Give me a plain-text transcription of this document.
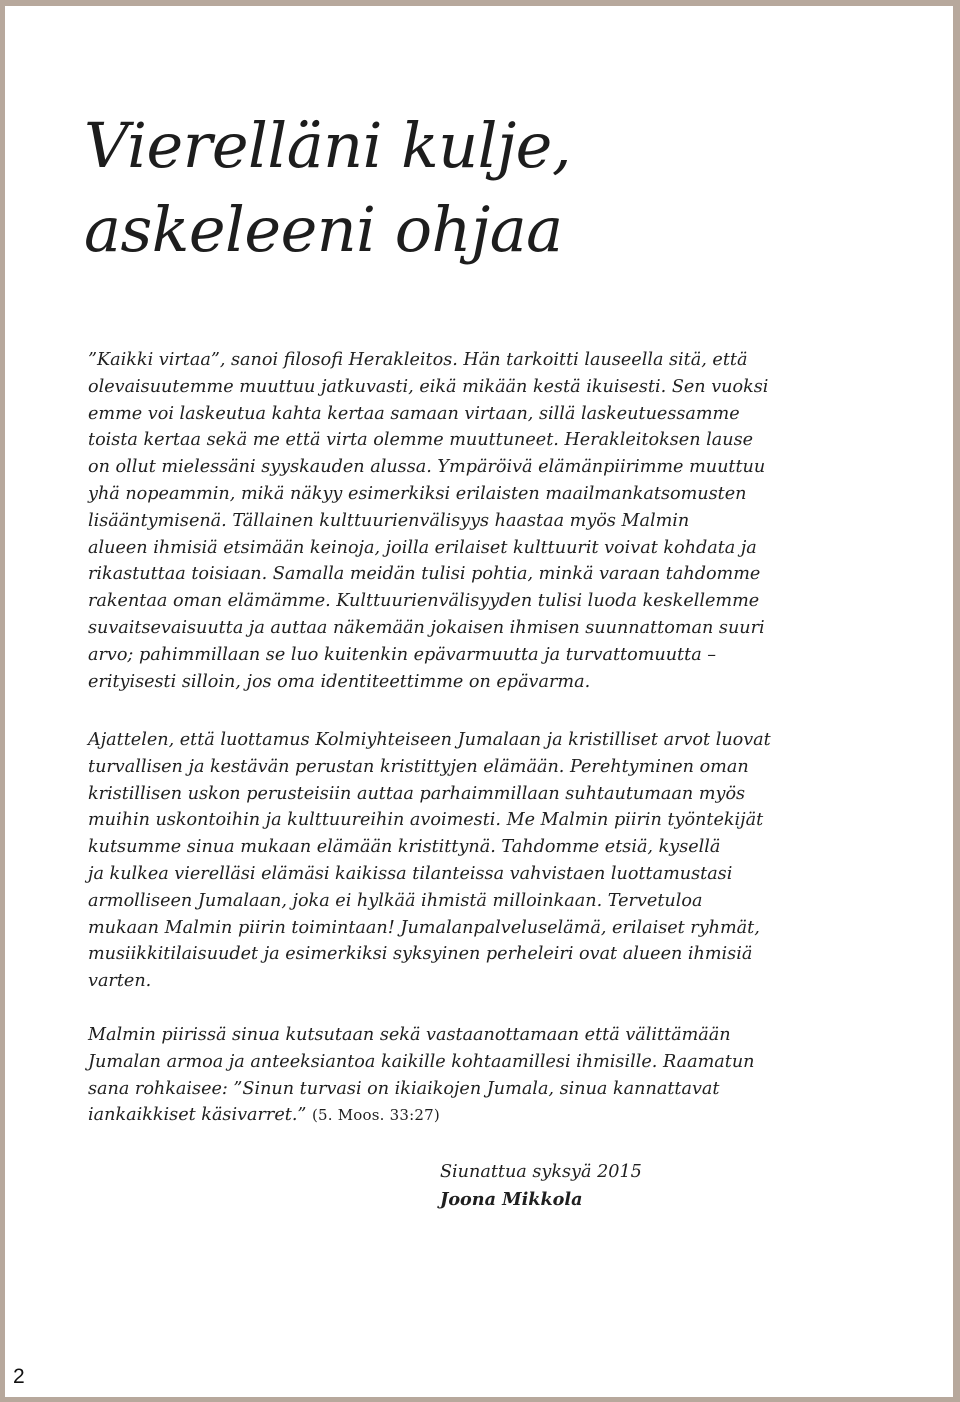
Vierelläni kulje,
askeleeni ohjaa

”Kaikki virtaa”, sanoi filosofi Herakleitos. Hän tarkoitti lauseella sitä, että
olevaisuutemme muuttuu jatkuvasti, eikä mikään kestä ikuisesti. Sen vuoksi
emme voi laskeutua kahta kertaa samaan virtaan, sillä laskeutuessamme
toista kertaa sekä me että virta olemme muuttuneet. Herakleitoksen lause
on ollut mielessäni syyskauden alussa. Ympäröivä elämänpiirimme muuttuu
yhä nopeammin, mikä näkyy esimerkiksi erilaisten maailmankatsomusten
lisääntymisenä. Tällainen kulttuurienvälisyys haastaa myös Malmin
alueen ihmisiä etsimään keinoja, joilla erilaiset kulttuurit voivat kohdata ja
rikastuttaa toisiaan. Samalla meidän tulisi pohtia, minkä varaan tahdomme
rakentaa oman elämämme. Kulttuurienvälisyyden tulisi luoda keskellemme
suvaitsevaisuutta ja auttaa näkemään jokaisen ihmisen suunnattoman suuri
arvo; pahimmillaan se luo kuitenkin epävarmuutta ja turvattomuutta –
erityisesti silloin, jos oma identiteettimme on epävarma.

Ajattelen, että luottamus Kolmiyhteiseen Jumalaan ja kristilliset arvot luovat
turvallisen ja kestävän perustan kristittyjen elämään. Perehtyminen oman
kristillisen uskon perusteisiin auttaa parhaimmillaan suhtautumaan myös
muihin uskontoihin ja kulttuureihin avoimesti. Me Malmin piirin työntekijät
kutsumme sinua mukaan elämään kristittynä. Tahdomme etsiä, kysellä
ja kulkea vierelläsi elämäsi kaikissa tilanteissa vahvistaen luottamustasi
armolliseen Jumalaan, joka ei hylkää ihmistä milloinkaan. Tervetuloa
mukaan Malmin piirin toimintaan! Jumalanpalveluselämä, erilaiset ryhmät,
musiikkitilaisuudet ja esimerkiksi syksyinen perheleiri ovat alueen ihmisiä
varten.

Malmin piirissä sinua kutsutaan sekä vastaanottamaan että välittämään
Jumalan armoa ja anteeksiantoa kaikille kohtaamillesi ihmisille. Raamatun
sana rohkaisee: ”Sinun turvasi on ikiaikojen Jumala, sinua kannattavat
iankaikkiset käsivarret.” (5. Moos. 33:27)

Siunattua syksyä 2015
Joona Mikkola
2
